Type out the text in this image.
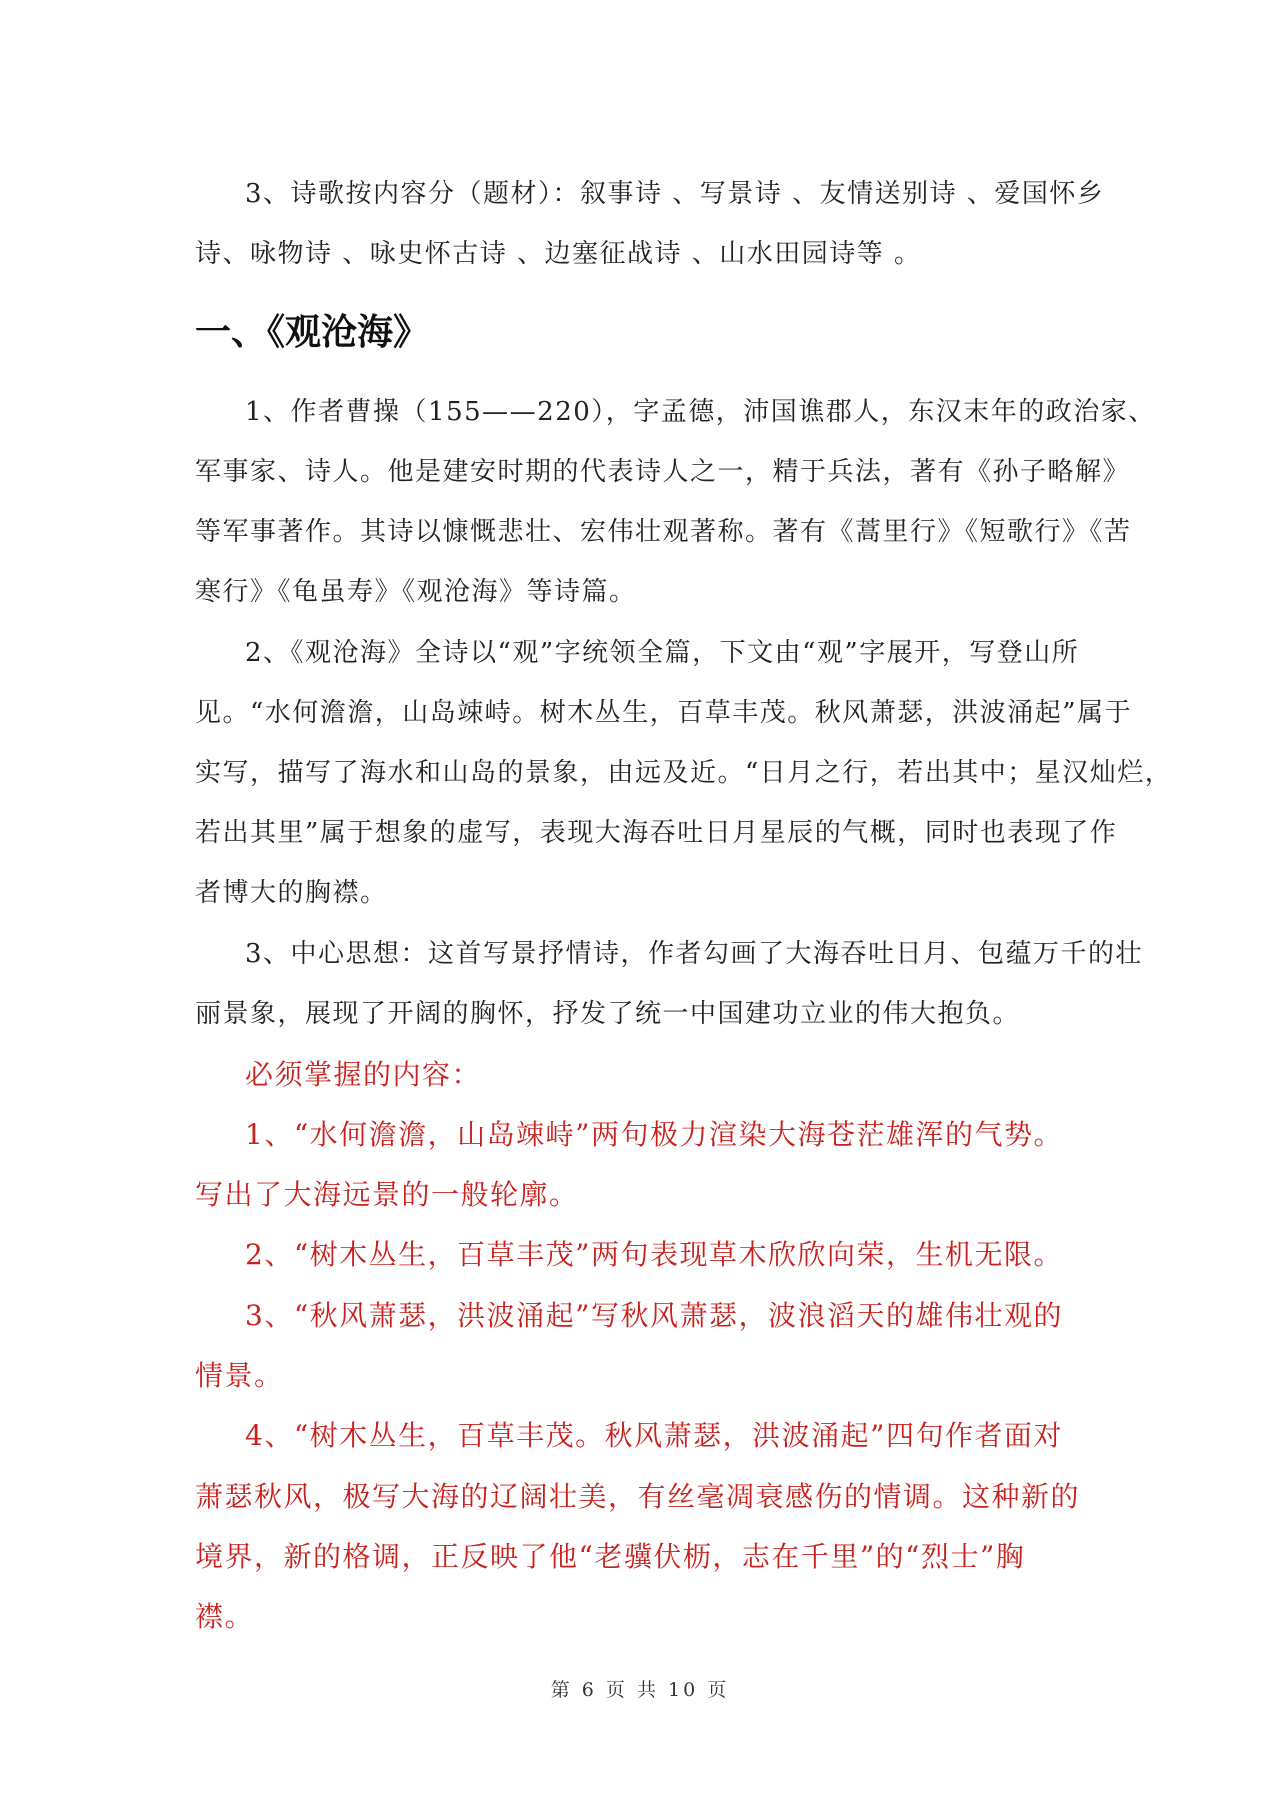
3、诗歌按内容分（题材）：叙事诗 、写景诗 、友情送别诗 、爱国怀乡
诗、咏物诗 、咏史怀古诗 、边塞征战诗 、山水田园诗等 。
一、《观沧海》
1、作者曹操（155——220），字孟德，沛国谯郡人，东汉末年的政治家、
军事家、诗人。他是建安时期的代表诗人之一，精于兵法，著有《孙子略解》
等军事著作。其诗以慷慨悲壮、宏伟壮观著称。著有《蒿里行》《短歌行》《苦
寒行》《龟虽寿》《观沧海》等诗篇。
2、《观沧海》全诗以“观”字统领全篇，下文由“观”字展开，写登山所
见。“水何澹澹，山岛竦峙。树木丛生，百草丰茂。秋风萧瑟，洪波涌起”属于
实写，描写了海水和山岛的景象，由远及近。“日月之行，若出其中；星汉灿烂，
若出其里”属于想象的虚写，表现大海吞吐日月星辰的气概，同时也表现了作
者博大的胸襟。
3、中心思想：这首写景抒情诗，作者勾画了大海吞吐日月、包蕴万千的壮
丽景象，展现了开阔的胸怀，抒发了统一中国建功立业的伟大抱负。
必须掌握的内容：
1、“水何澹澹，山岛竦峙”两句极力渲染大海苍茫雄浑的气势。
写出了大海远景的一般轮廓。
2、“树木丛生，百草丰茂”两句表现草木欣欣向荣，生机无限。
3、“秋风萧瑟，洪波涌起”写秋风萧瑟，波浪滔天的雄伟壮观的
情景。
4、“树木丛生，百草丰茂。秋风萧瑟，洪波涌起”四句作者面对
萧瑟秋风，极写大海的辽阔壮美，有丝毫凋衰感伤的情调。这种新的
境界，新的格调，正反映了他“老骥伏枥，志在千里”的“烈士”胸
襟。
第 6 页 共 10 页
